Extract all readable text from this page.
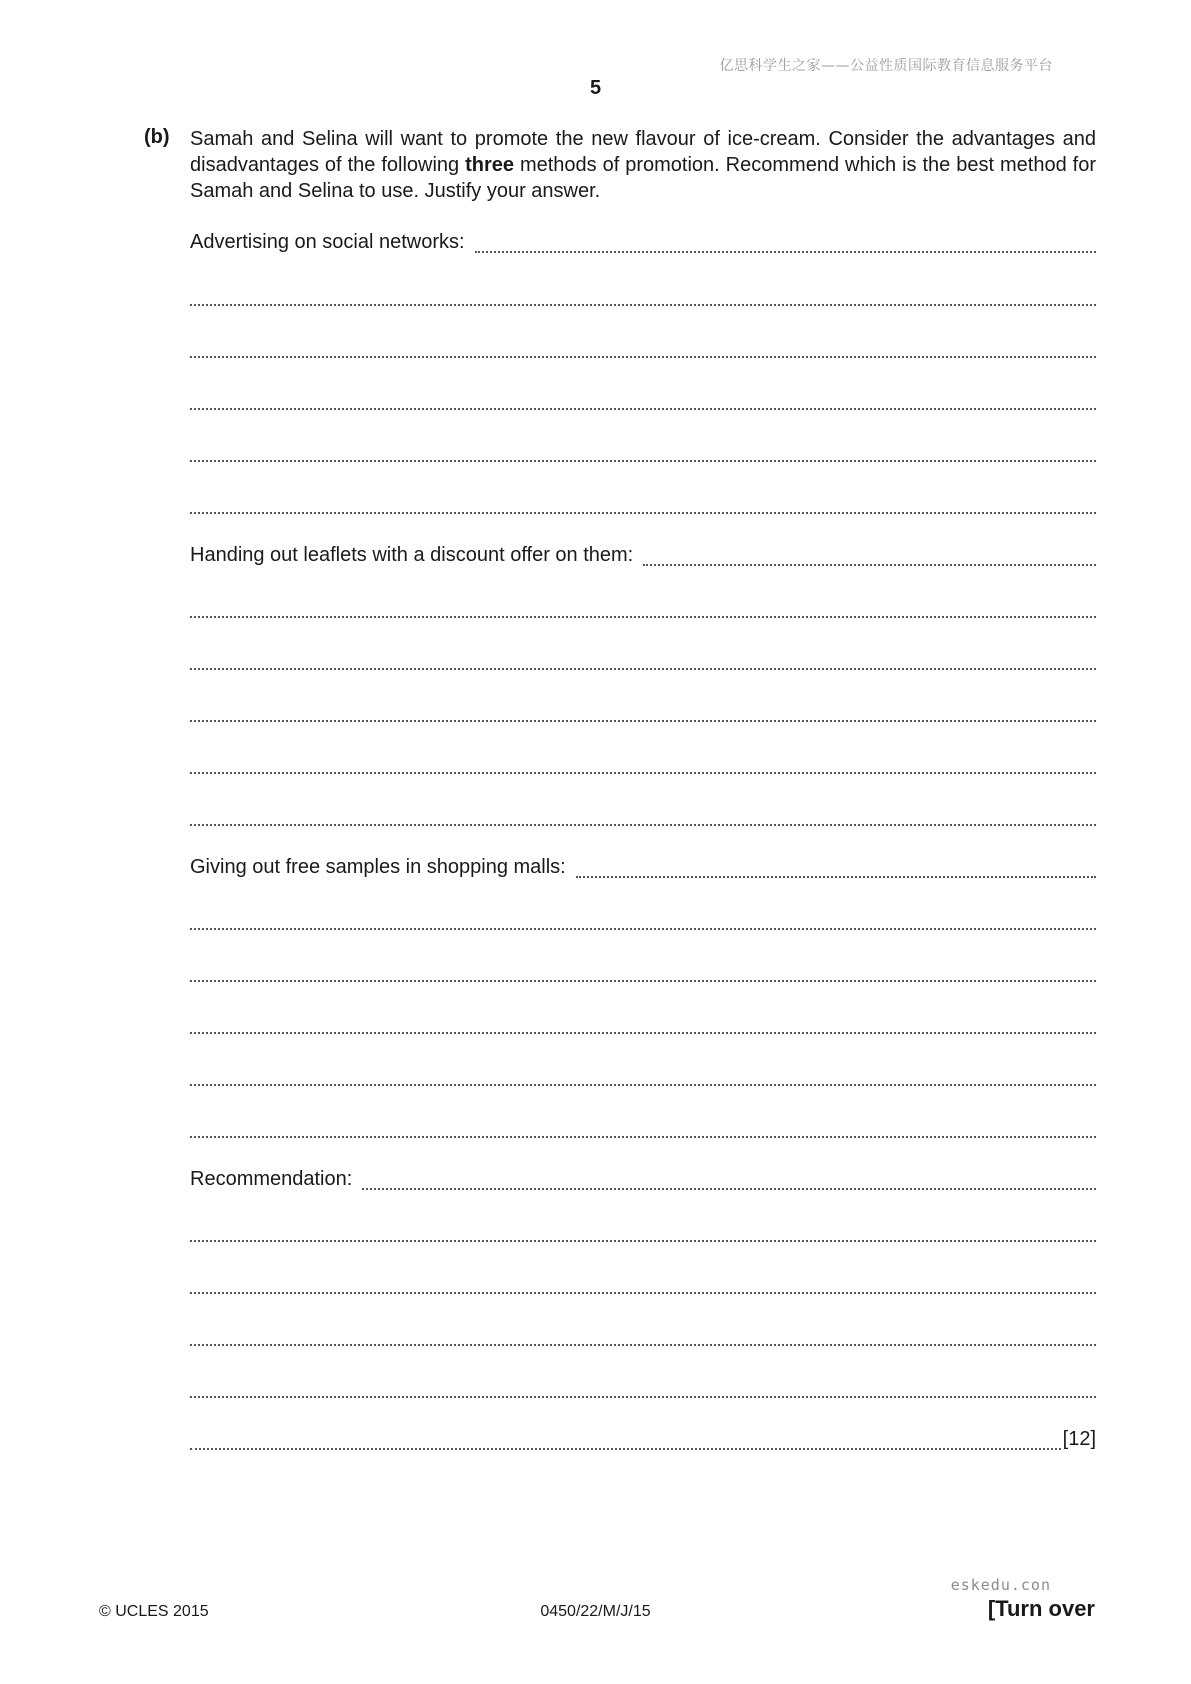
亿思科学生之家——公益性质国际教育信息服务平台
5
(b) Samah and Selina will want to promote the new flavour of ice-cream. Consider the advantages and disadvantages of the following three methods of promotion. Recommend which is the best method for Samah and Selina to use. Justify your answer.
Advertising on social networks:
Handing out leaflets with a discount offer on them:
Giving out free samples in shopping malls:
Recommendation:
[12]
eskedu.con
© UCLES 2015	0450/22/M/J/15	[Turn over
